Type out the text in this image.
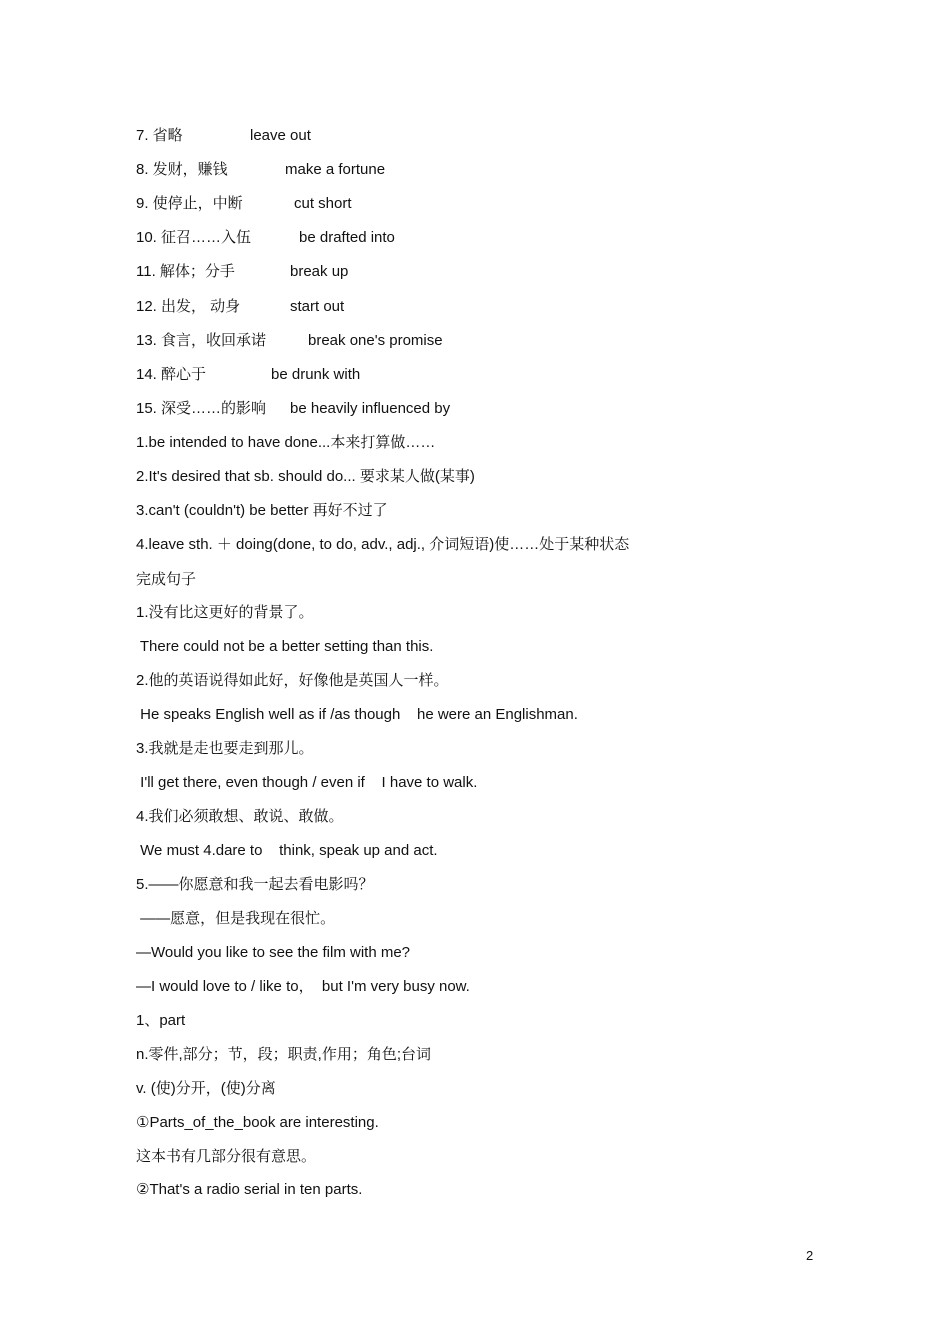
7. 省略	leave out
8. 发财，赚钱	make a fortune
9. 使停止，中断	cut short
10. 征召……入伍	be drafted into
11. 解体；分手	break up
12. 出发， 动身	start out
13. 食言，收回承诺	break one's promise
14. 醉心于	be drunk with
15. 深受……的影响 be heavily influenced by
1.be intended to have done...本来打算做……
2.It's desired that sb. should do... 要求某人做(某事)
3.can't (couldn't) be better 再好不过了
4.leave sth. ＋ doing(done, to do, adv., adj., 介词短语)使……处于某种状态
完成句子
1.没有比这更好的背景了。
There could not be a better setting than this.
2.他的英语说得如此好，好像他是英国人一样。
He speaks English well as if /as though    he were an Englishman.
3.我就是走也要走到那儿。
I'll get there, even though / even if    I have to walk.
4.我们必须敢想、敢说、敢做。
We must 4.dare to    think, speak up and act.
5.——你愿意和我一起去看电影吗？
——愿意，但是我现在很忙。
—Would you like to see the film with me?
—I would love to / like to，  but I'm very busy now.
1、part
n.零件,部分；节，段；职责,作用；角色;台词
v. (使)分开，(使)分离
①Parts_of_the_book are interesting.
这本书有几部分很有意思。
②That's a radio serial in ten parts.
2
